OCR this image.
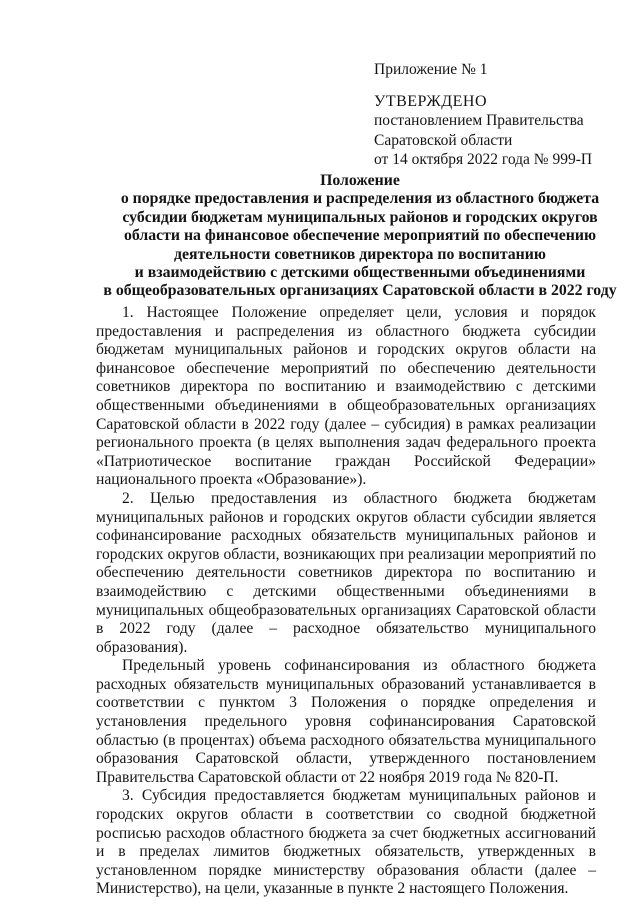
Приложение № 1
УТВЕРЖДЕНО
постановлением Правительства
Саратовской области
от 14 октября 2022 года № 999-П
Положение
о порядке предоставления и распределения из областного бюджета
субсидии бюджетам муниципальных районов и городских округов
области на финансовое обеспечение мероприятий по обеспечению
деятельности советников директора по воспитанию
и взаимодействию с детскими общественными объединениями
в общеобразовательных организациях Саратовской области в 2022 году

1. Настоящее Положение определяет цели, условия и порядок предоставления и распределения из областного бюджета субсидии бюджетам муниципальных районов и городских округов области на финансовое обеспечение мероприятий по обеспечению деятельности советников директора по воспитанию и взаимодействию с детскими общественными объединениями в общеобразовательных организациях Саратовской области в 2022 году (далее – субсидия) в рамках реализации регионального проекта (в целях выполнения задач федерального проекта «Патриотическое воспитание граждан Российской Федерации» национального проекта «Образование»).

2. Целью предоставления из областного бюджета бюджетам муниципальных районов и городских округов области субсидии является софинансирование расходных обязательств муниципальных районов и городских округов области, возникающих при реализации мероприятий по обеспечению деятельности советников директора по воспитанию и взаимодействию с детскими общественными объединениями в муниципальных общеобразовательных организациях Саратовской области в 2022 году (далее – расходное обязательство муниципального образования).

Предельный уровень софинансирования из областного бюджета расходных обязательств муниципальных образований устанавливается в соответствии с пунктом 3 Положения о порядке определения и установления предельного уровня софинансирования Саратовской областью (в процентах) объема расходного обязательства муниципального образования Саратовской области, утвержденного постановлением Правительства Саратовской области от 22 ноября 2019 года № 820-П.

3. Субсидия предоставляется бюджетам муниципальных районов и городских округов области в соответствии со сводной бюджетной росписью расходов областного бюджета за счет бюджетных ассигнований и в пределах лимитов бюджетных обязательств, утвержденных в установленном порядке министерству образования области (далее – Министерство), на цели, указанные в пункте 2 настоящего Положения.
